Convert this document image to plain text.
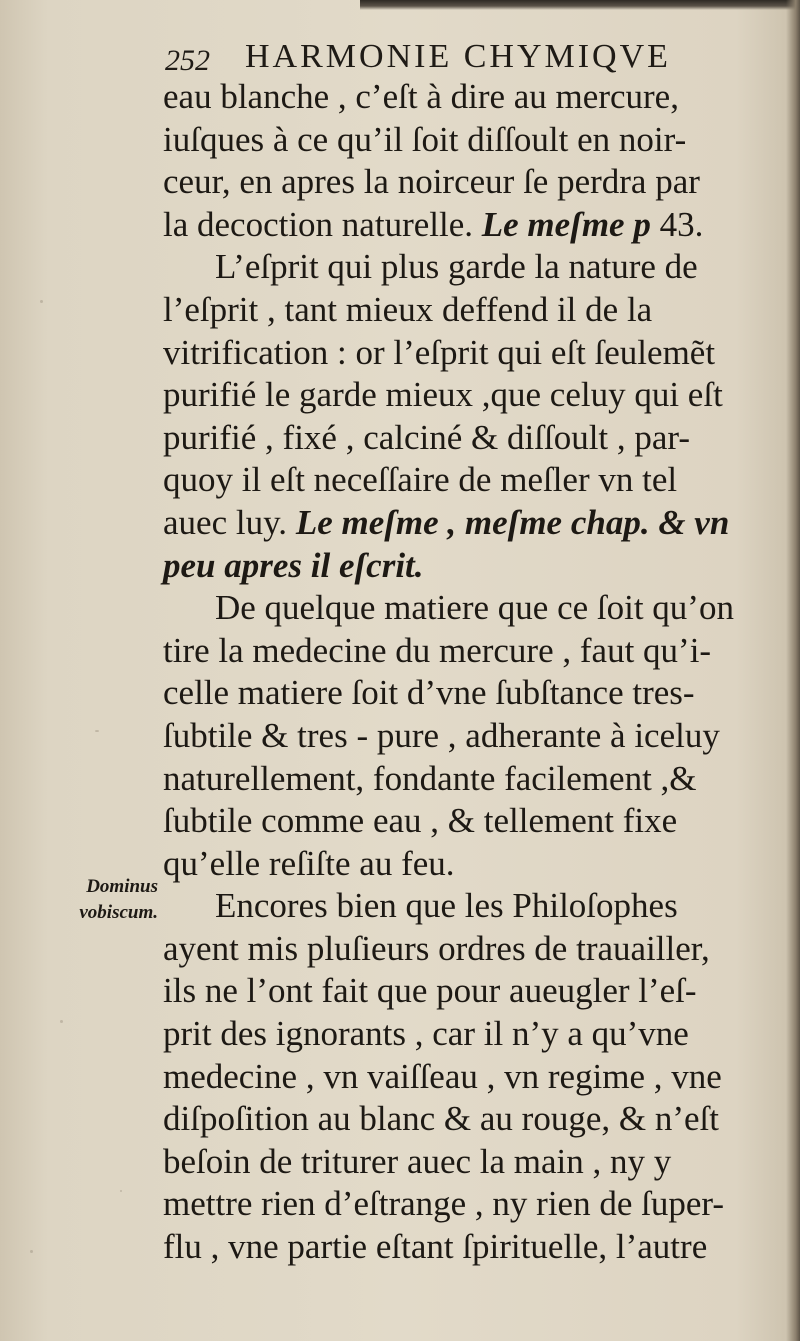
252 HARMONIE CHYMIQVE
Dominus
vobiscum.
eau blanche , c’eſt à dire au mercure,
iuſques à ce qu’il ſoit diſſoult en noir-
ceur, en apres la noirceur ſe perdra par
la decoction naturelle. Le meſme p 43.
L’eſprit qui plus garde la nature de
l’eſprit , tant mieux deffend il de la
vitrification : or l’eſprit qui eſt ſeulemẽt
purifié le garde mieux ,que celuy qui eſt
purifié , fixé , calciné & diſſoult , par-
quoy il eſt neceſſaire de meſler vn tel
auec luy. Le meſme , meſme chap. & vn
peu apres il eſcrit.
De quelque matiere que ce ſoit qu’on
tire la medecine du mercure , faut qu’i-
celle matiere ſoit d’vne ſubſtance tres-
ſubtile & tres - pure , adherante à iceluy
naturellement, fondante facilement ,&
ſubtile comme eau , & tellement fixe
qu’elle reſiſte au feu.
Encores bien que les Philoſophes
ayent mis pluſieurs ordres de trauailler,
ils ne l’ont fait que pour aueugler l’eſ-
prit des ignorants , car il n’y a qu’vne
medecine , vn vaiſſeau , vn regime , vne
diſpoſition au blanc & au rouge, & n’eſt
beſoin de triturer auec la main , ny y
mettre rien d’eſtrange , ny rien de ſuper-
flu , vne partie eſtant ſpirituelle, l’autre
